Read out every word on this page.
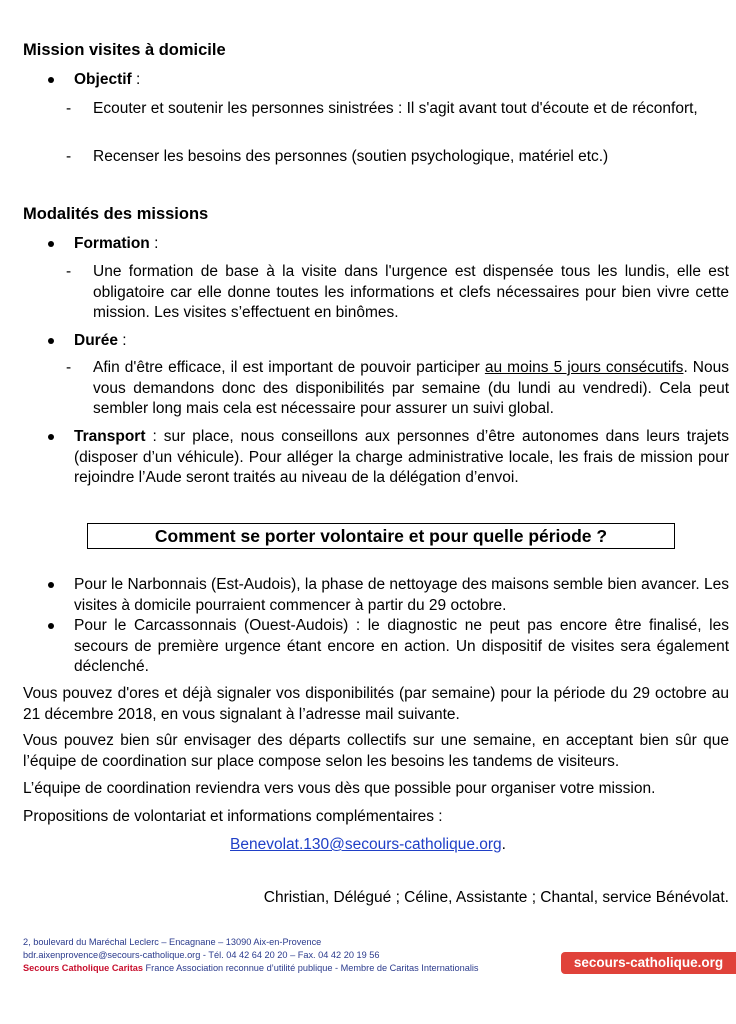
Mission visites à domicile
Objectif :
- Ecouter et soutenir les personnes sinistrées : Il s'agit avant tout d'écoute et de réconfort,
- Recenser les besoins des personnes (soutien psychologique, matériel etc.)
Modalités des missions
Formation :
- Une formation de base à la visite dans l'urgence est dispensée tous les lundis, elle est obligatoire car elle donne toutes les informations et clefs nécessaires pour bien vivre cette mission. Les visites s’effectuent en binômes.
Durée :
- Afin d'être efficace, il est important de pouvoir participer au moins 5 jours consécutifs. Nous vous demandons donc des disponibilités par semaine (du lundi au vendredi). Cela peut sembler long mais cela est nécessaire pour assurer un suivi global.
Transport : sur place, nous conseillons aux personnes d’être autonomes dans leurs trajets (disposer d’un véhicule). Pour alléger la charge administrative locale, les frais de mission pour rejoindre l’Aude seront traités au niveau de la délégation d’envoi.
Comment se porter volontaire et pour quelle période ?
Pour le Narbonnais (Est-Audois), la phase de nettoyage des maisons semble bien avancer. Les visites à domicile pourraient commencer à partir du 29 octobre.
Pour le Carcassonnais (Ouest-Audois) : le diagnostic ne peut pas encore être finalisé, les secours de première urgence étant encore en action. Un dispositif de visites sera également déclenché.
Vous pouvez d'ores et déjà signaler vos disponibilités (par semaine) pour la période du 29 octobre au 21 décembre 2018, en vous signalant à l’adresse mail suivante.
Vous pouvez bien sûr envisager des départs collectifs sur une semaine, en acceptant bien sûr que l’équipe de coordination sur place compose selon les besoins les tandems de visiteurs.
L’équipe de coordination reviendra vers vous dès que possible pour organiser votre mission.
Propositions de volontariat et informations complémentaires :
Benevolat.130@secours-catholique.org.
Christian, Délégué ; Céline, Assistante ; Chantal, service Bénévolat.
2, boulevard du Maréchal Leclerc – Encagnane – 13090 Aix-en-Provence
bdr.aixenprovence@secours-catholique.org - Tél. 04 42 64 20 20 – Fax. 04 42 20 19 56
Secours Catholique Caritas France Association reconnue d’utilité publique - Membre de Caritas Internationalis	secours-catholique.org
